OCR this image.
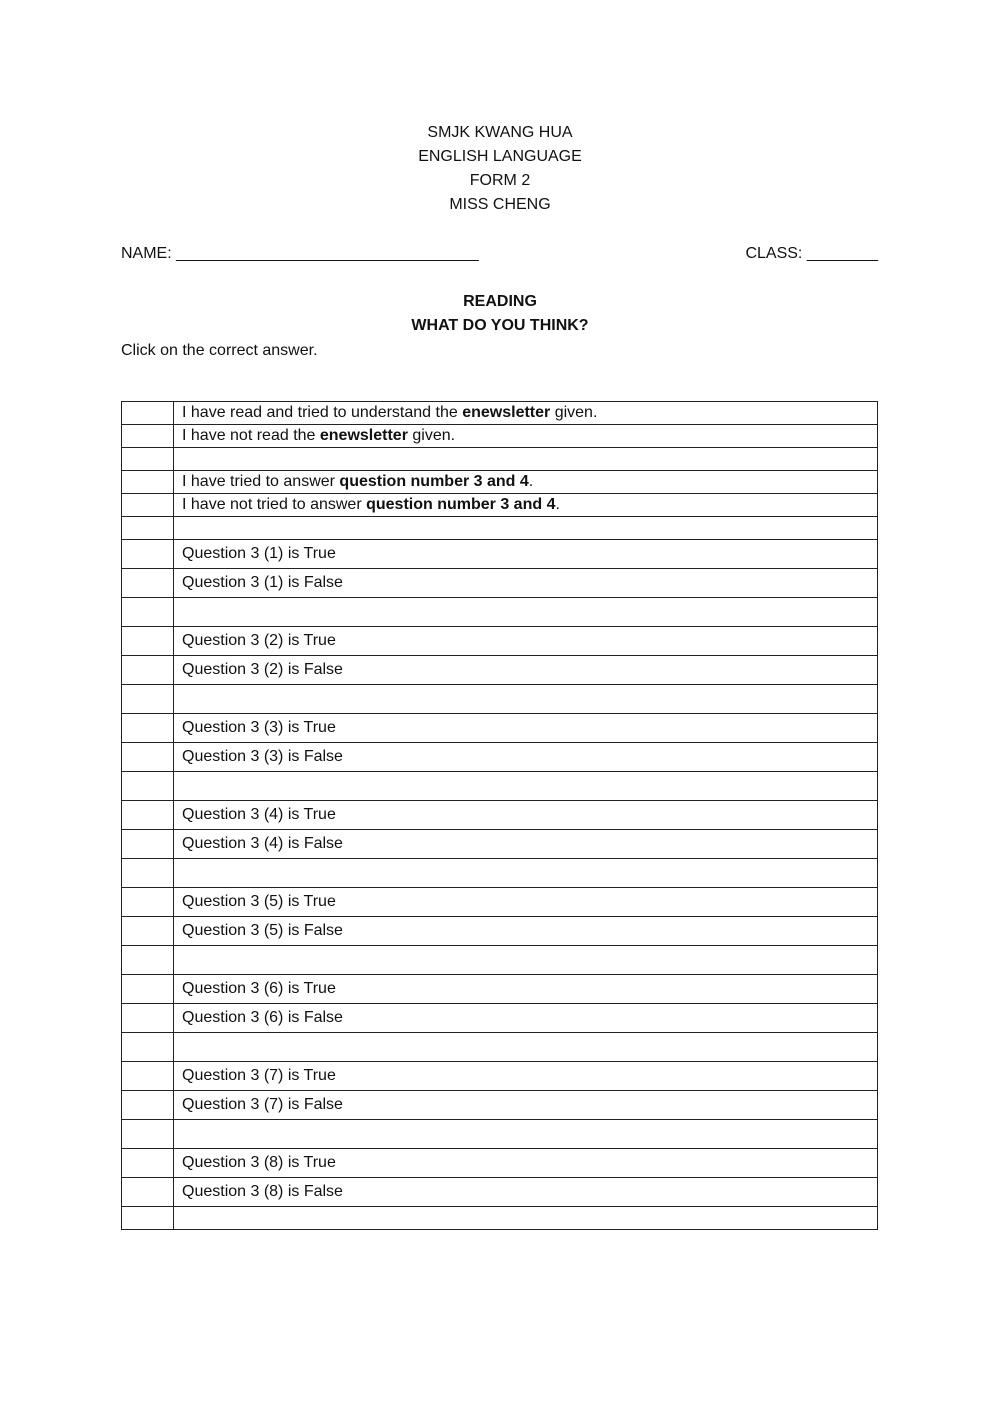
SMJK KWANG HUA
ENGLISH LANGUAGE
FORM 2
MISS CHENG
NAME: __________________________________	CLASS: ________
READING
WHAT DO YOU THINK?
Click on the correct answer.
	I have read and tried to understand the enewsletter given.
	I have not read the enewsletter given.

	I have tried to answer question number 3 and 4.
	I have not tried to answer question number 3 and 4.

	Question 3 (1) is True
	Question 3 (1) is False

	Question 3 (2) is True
	Question 3 (2) is False

	Question 3 (3) is True
	Question 3 (3) is False

	Question 3 (4) is True
	Question 3 (4) is False

	Question 3 (5) is True
	Question 3 (5) is False

	Question 3 (6) is True
	Question 3 (6) is False

	Question 3 (7) is True
	Question 3 (7) is False

	Question 3 (8) is True
	Question 3 (8) is False
